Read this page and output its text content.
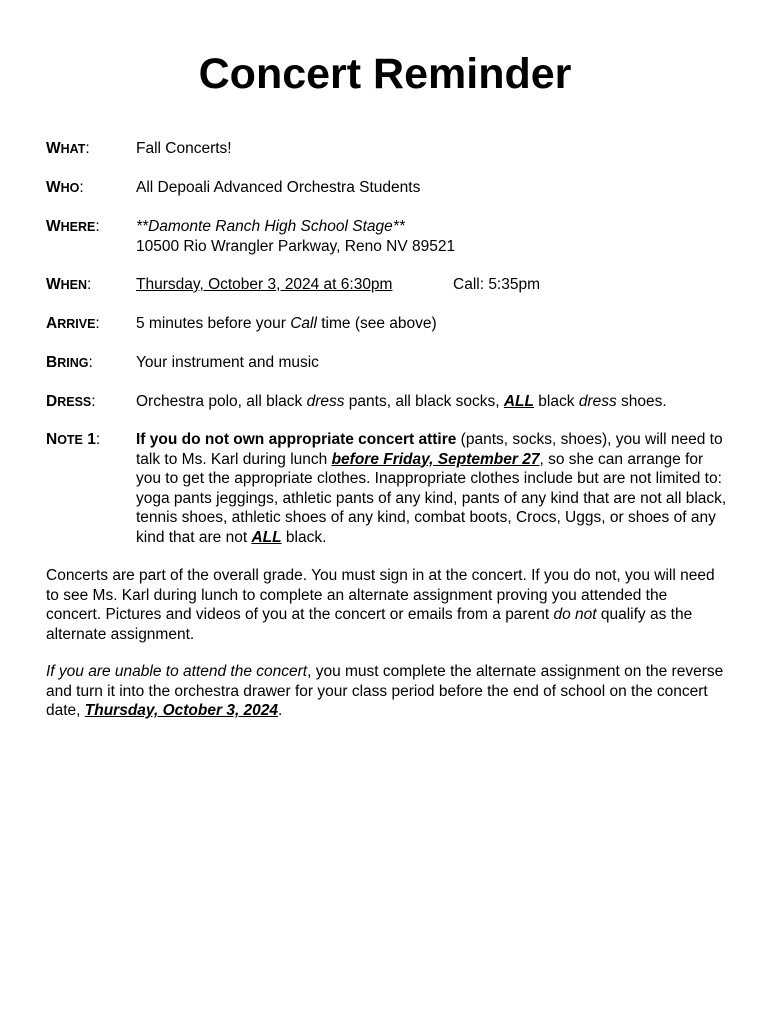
Concert Reminder
WHAT:	Fall Concerts!
WHO:	All Depoali Advanced Orchestra Students
WHERE:	**Damonte Ranch High School Stage**
10500 Rio Wrangler Parkway, Reno NV 89521
WHEN:	Thursday, October 3, 2024 at 6:30pm	Call: 5:35pm
ARRIVE:	5 minutes before your Call time (see above)
BRING:	Your instrument and music
DRESS:	Orchestra polo, all black dress pants, all black socks, ALL black dress shoes.
NOTE 1:	If you do not own appropriate concert attire (pants, socks, shoes), you will need to talk to Ms. Karl during lunch before Friday, September 27, so she can arrange for you to get the appropriate clothes. Inappropriate clothes include but are not limited to: yoga pants jeggings, athletic pants of any kind, pants of any kind that are not all black, tennis shoes, athletic shoes of any kind, combat boots, Crocs, Uggs, or shoes of any kind that are not ALL black.

Concerts are part of the overall grade. You must sign in at the concert. If you do not, you will need to see Ms. Karl during lunch to complete an alternate assignment proving you attended the concert. Pictures and videos of you at the concert or emails from a parent do not qualify as the alternate assignment.

If you are unable to attend the concert, you must complete the alternate assignment on the reverse and turn it into the orchestra drawer for your class period before the end of school on the concert date, Thursday, October 3, 2024.
